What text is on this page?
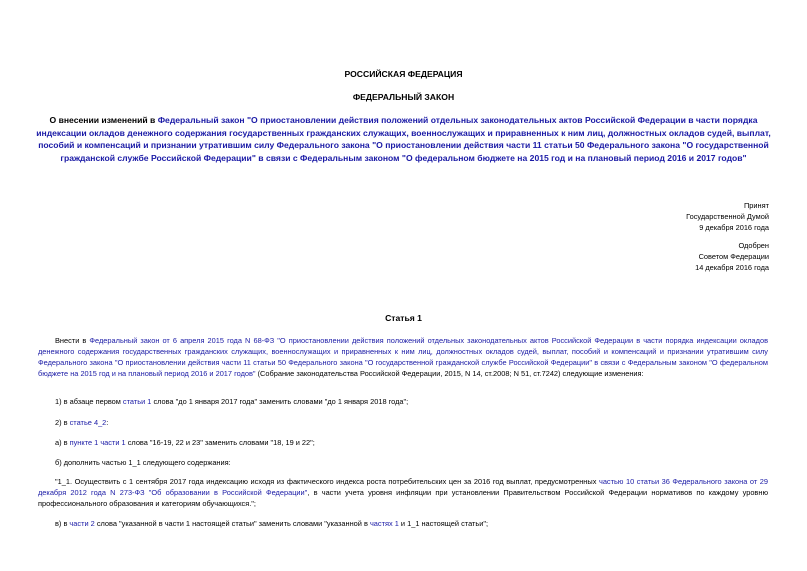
РОССИЙСКАЯ ФЕДЕРАЦИЯ
ФЕДЕРАЛЬНЫЙ ЗАКОН
О внесении изменений в Федеральный закон "О приостановлении действия положений отдельных законодательных актов Российской Федерации в части порядка индексации окладов денежного содержания государственных гражданских служащих, военнослужащих и приравненных к ним лиц, должностных окладов судей, выплат, пособий и компенсаций и признании утратившим силу Федерального закона "О приостановлении действия части 11 статьи 50 Федерального закона "О государственной гражданской службе Российской Федерации" в связи с Федеральным законом "О федеральном бюджете на 2015 год и на плановый период 2016 и 2017 годов"
Принят
Государственной Думой
9 декабря 2016 года
Одобрен
Советом Федерации
14 декабря 2016 года
Статья 1
Внести в Федеральный закон от 6 апреля 2015 года N 68-ФЗ "О приостановлении действия положений отдельных законодательных актов Российской Федерации в части порядка индексации окладов денежного содержания государственных гражданских служащих, военнослужащих и приравненных к ним лиц, должностных окладов судей, выплат, пособий и компенсаций и признании утратившим силу Федерального закона "О приостановлении действия части 11 статьи 50 Федерального закона "О государственной гражданской службе Российской Федерации" в связи с Федеральным законом "О федеральном бюджете на 2015 год и на плановый период 2016 и 2017 годов" (Собрание законодательства Российской Федерации, 2015, N 14, ст.2008; N 51, ст.7242) следующие изменения:
1) в абзаце первом статьи 1 слова "до 1 января 2017 года" заменить словами "до 1 января 2018 года";
2) в статье 4_2:
а) в пункте 1 части 1 слова "16-19, 22 и 23" заменить словами "18, 19 и 22";
б) дополнить частью 1_1 следующего содержания:
"1_1. Осуществить с 1 сентября 2017 года индексацию исходя из фактического индекса роста потребительских цен за 2016 год выплат, предусмотренных частью 10 статьи 36 Федерального закона от 29 декабря 2012 года N 273-ФЗ "Об образовании в Российской Федерации", в части учета уровня инфляции при установлении Правительством Российской Федерации нормативов по каждому уровню профессионального образования и категориям обучающихся.";
в) в части 2 слова "указанной в части 1 настоящей статьи" заменить словами "указанной в частях 1 и 1_1 настоящей статьи";
